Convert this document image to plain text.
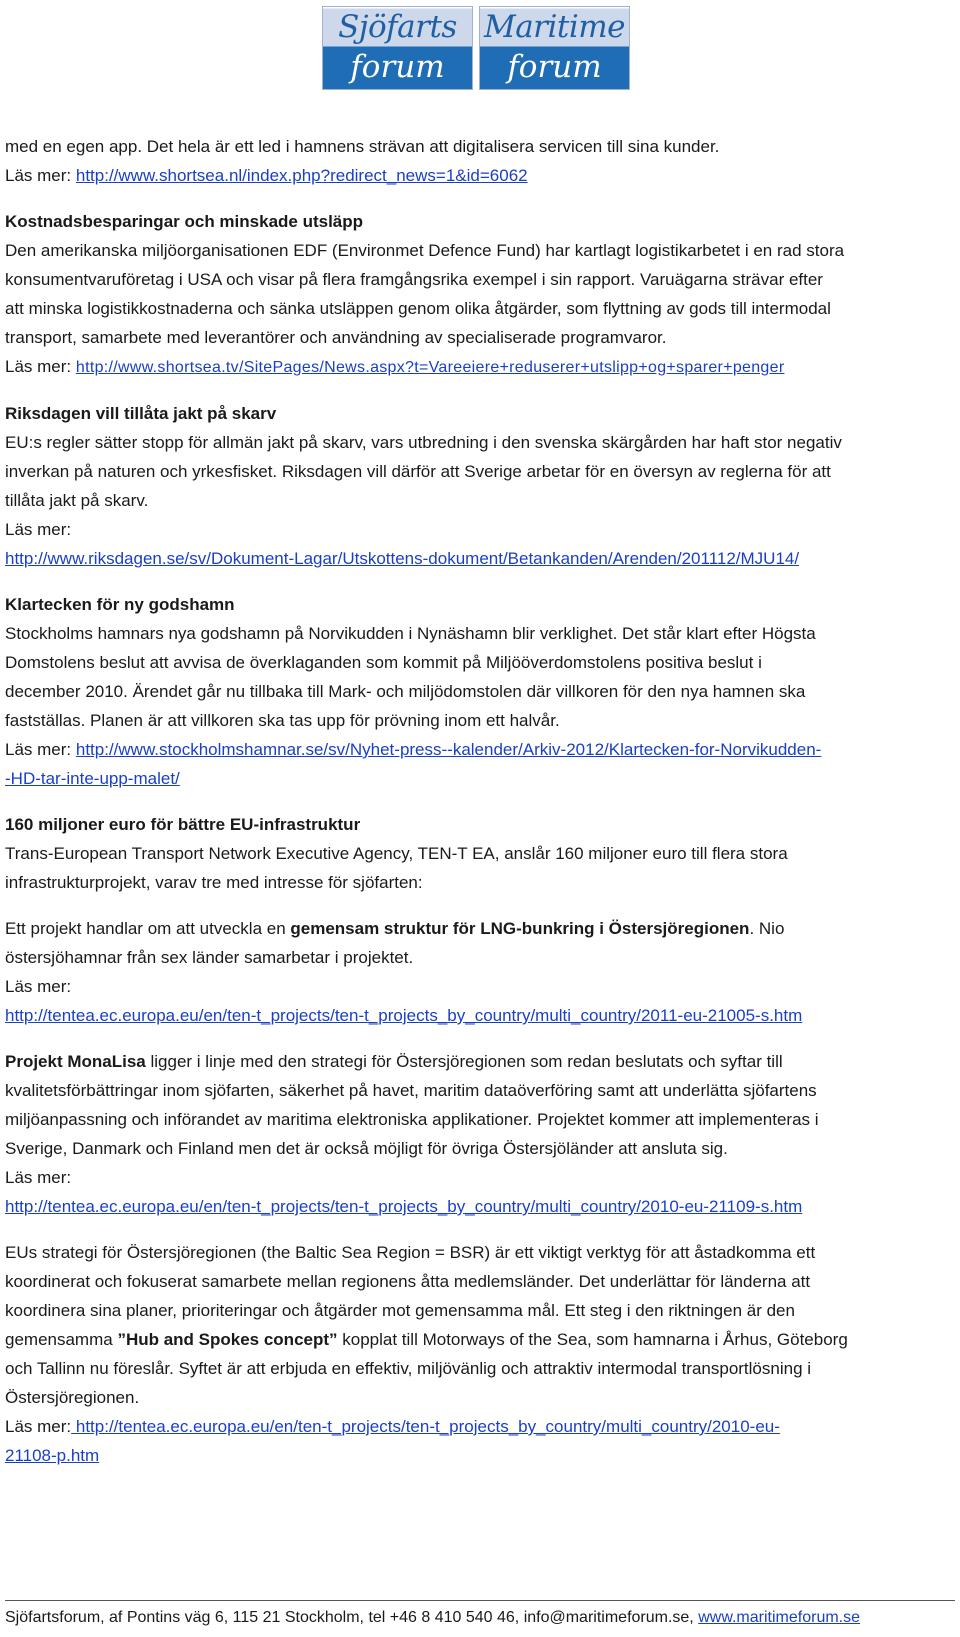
Sjöfarts
forum
Maritime
forum
med en egen app. Det hela är ett led i hamnens strävan att digitalisera servicen till sina kunder.
Läs mer: http://www.shortsea.nl/index.php?redirect_news=1&id=6062
Kostnadsbesparingar och minskade utsläpp
Den amerikanska miljöorganisationen EDF (Environmet Defence Fund) har kartlagt logistikarbetet i en rad stora
konsumentvaruföretag i USA och visar på flera framgångsrika exempel i sin rapport. Varuägarna strävar efter
att minska logistikkostnaderna och sänka utsläppen genom olika åtgärder, som flyttning av gods till intermodal
transport, samarbete med leverantörer och användning av specialiserade programvaror.
Läs mer: http://www.shortsea.tv/SitePages/News.aspx?t=Vareeiere+reduserer+utslipp+og+sparer+penger
Riksdagen vill tillåta jakt på skarv
EU:s regler sätter stopp för allmän jakt på skarv, vars utbredning i den svenska skärgården har haft stor negativ
inverkan på naturen och yrkesfisket. Riksdagen vill därför att Sverige arbetar för en översyn av reglerna för att
tillåta jakt på skarv.
Läs mer:
http://www.riksdagen.se/sv/Dokument-Lagar/Utskottens-dokument/Betankanden/Arenden/201112/MJU14/
Klartecken för ny godshamn
Stockholms hamnars nya godshamn på Norvikudden i Nynäshamn blir verklighet. Det står klart efter Högsta
Domstolens beslut att avvisa de överklaganden som kommit på Miljööverdomstolens positiva beslut i
december 2010. Ärendet går nu tillbaka till Mark- och miljödomstolen där villkoren för den nya hamnen ska
fastställas. Planen är att villkoren ska tas upp för prövning inom ett halvår.
Läs mer: http://www.stockholmshamnar.se/sv/Nyhet-press--kalender/Arkiv-2012/Klartecken-for-Norvikudden-
-HD-tar-inte-upp-malet/
160 miljoner euro för bättre EU-infrastruktur
Trans-European Transport Network Executive Agency, TEN-T EA, anslår 160 miljoner euro till flera stora
infrastrukturprojekt, varav tre med intresse för sjöfarten:
Ett projekt handlar om att utveckla en gemensam struktur för LNG-bunkring i Östersjöregionen. Nio
östersjöhamnar från sex länder samarbetar i projektet.
Läs mer:
http://tentea.ec.europa.eu/en/ten-t_projects/ten-t_projects_by_country/multi_country/2011-eu-21005-s.htm
Projekt MonaLisa ligger i linje med den strategi för Östersjöregionen som redan beslutats och syftar till
kvalitetsförbättringar inom sjöfarten, säkerhet på havet, maritim dataöverföring samt att underlätta sjöfartens
miljöanpassning och införandet av maritima elektroniska applikationer. Projektet kommer att implementeras i
Sverige, Danmark och Finland men det är också möjligt för övriga Östersjöländer att ansluta sig.
Läs mer:
http://tentea.ec.europa.eu/en/ten-t_projects/ten-t_projects_by_country/multi_country/2010-eu-21109-s.htm
EUs strategi för Östersjöregionen (the Baltic Sea Region = BSR) är ett viktigt verktyg för att åstadkomma ett
koordinerat och fokuserat samarbete mellan regionens åtta medlemsländer. Det underlättar för länderna att
koordinera sina planer, prioriteringar och åtgärder mot gemensamma mål. Ett steg i den riktningen är den
gemensamma ”Hub and Spokes concept” kopplat till Motorways of the Sea, som hamnarna i Århus, Göteborg
och Tallinn nu föreslår. Syftet är att erbjuda en effektiv, miljövänlig och attraktiv intermodal transportlösning i
Östersjöregionen.
Läs mer: http://tentea.ec.europa.eu/en/ten-t_projects/ten-t_projects_by_country/multi_country/2010-eu-
21108-p.htm
Sjöfartsforum, af Pontins väg 6, 115 21 Stockholm, tel +46 8 410 540 46, info@maritimeforum.se, www.maritimeforum.se
